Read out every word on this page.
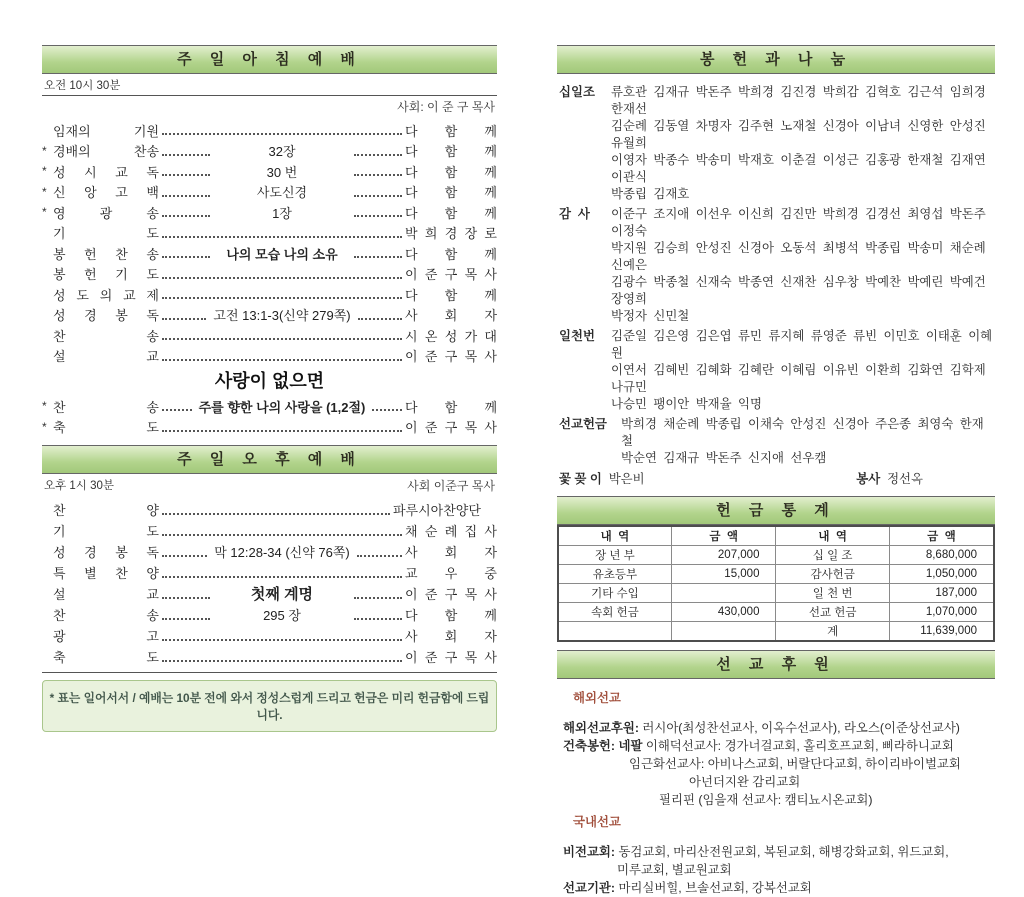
주 일 아 침 예 배
오전 10시 30분
사회: 이 준 구 목사
임재의 기원	다 함 께
* 경배의 찬송	32장	다 함 께
* 성 시 교 독	30 번	다 함 께
* 신 앙 고 백	사도신경	다 함 께
* 영 광 송	1장	다 함 께
기 도	박 희 경 장 로
봉 헌 찬 송	나의 모습 나의 소유	다 함 께
봉 헌 기 도	이 준 구 목 사
성 도 의 교 제	다 함 께
성 경 봉 독	고전 13:1-3(신약 279쪽)	사 회 자
찬 송	시 온 성 가 대
설 교	이 준 구 목 사
사랑이 없으면
* 찬 송	주를 향한 나의 사랑을 (1,2절)	다 함 께
* 축 도	이 준 구 목 사
주 일 오 후 예 배
오후 1시 30분	사회 이준구 목사
찬 양	파루시아찬양단
기 도	채 순 례 집 사
성 경 봉 독	막 12:28-34 (신약 76쪽)	사 회 자
특 별 찬 양	교 우 중
설 교	첫째 계명	이 준 구 목 사
찬 송	295 장	다 함 께
광 고	사 회 자
축 도	이 준 구 목 사
* 표는 일어서서 / 예배는 10분 전에 와서 정성스럽게 드리고 헌금은 미리 헌금함에 드립니다.
봉 헌 과 나 눔
십일조 류호관 김재규 박돈주 박희경 김진경 박희감 김혁호 김근석 임희경 한재선
김순례 김동열 차명자 김주현 노재철 신경아 이남녀 신영한 안성진 유월희
이영자 박종수 박송미 박재호 이춘걸 이성근 김홍광 한재철 김재연 이관식
박종립 김재호
감  사 이준구 조지애 이선우 이신희 김진만 박희경 김경선 최영섭 박돈주 이정숙
박지원 김승희 안성진 신경아 오동석 최병석 박종립 박송미 채순례 신예은
김광수 박종철 신재숙 박종연 신재찬 심우창 박예찬 박예린 박예건 장영희
박정자 신민철
일천번 김준일 김은영 김은엽 류민 류지혜 류영준 류빈 이민호 이태훈 이혜원
이연서 김혜빈 김혜화 김혜란 이혜림 이유빈 이환희 김화연 김학제 나규민
나승민 팽이안 박재율 익명
선교헌금 박희경 채순례 박종립 이채숙 안성진 신경아 주은종 최영숙 한재철
박순연 김재규 박돈주 신지애 선우캠
꽃 꽂 이 박은비	봉사 정선옥
헌 금 통 계
내  역	금  액	내  역	금  액
장 년 부	207,000	십 일 조	8,680,000
유초등부	15,000	감사헌금	1,050,000
기타 수입		일 천 번	187,000
속회 헌금	430,000	선교 헌금	1,070,000
		계	11,639,000
선 교 후 원
해외선교
해외선교후원: 러시아(최성찬선교사, 이옥수선교사), 라오스(이준상선교사)
건축봉헌: 네팔 이해덕선교사: 경가너걸교회, 홀리호프교회, 삐라하니교회
임근화선교사: 아비나스교회, 버랄단다교회, 하이리바이벌교회
아넌더지완 감리교회
필리핀 (임을재 선교사: 캠티뇨시온교회)
국내선교
비전교회: 동검교회, 마리산전원교회, 복된교회, 해병강화교회, 위드교회,
미루교회, 별교원교회
선교기관: 마리실버힐, 브솔선교회, 강복선교회
